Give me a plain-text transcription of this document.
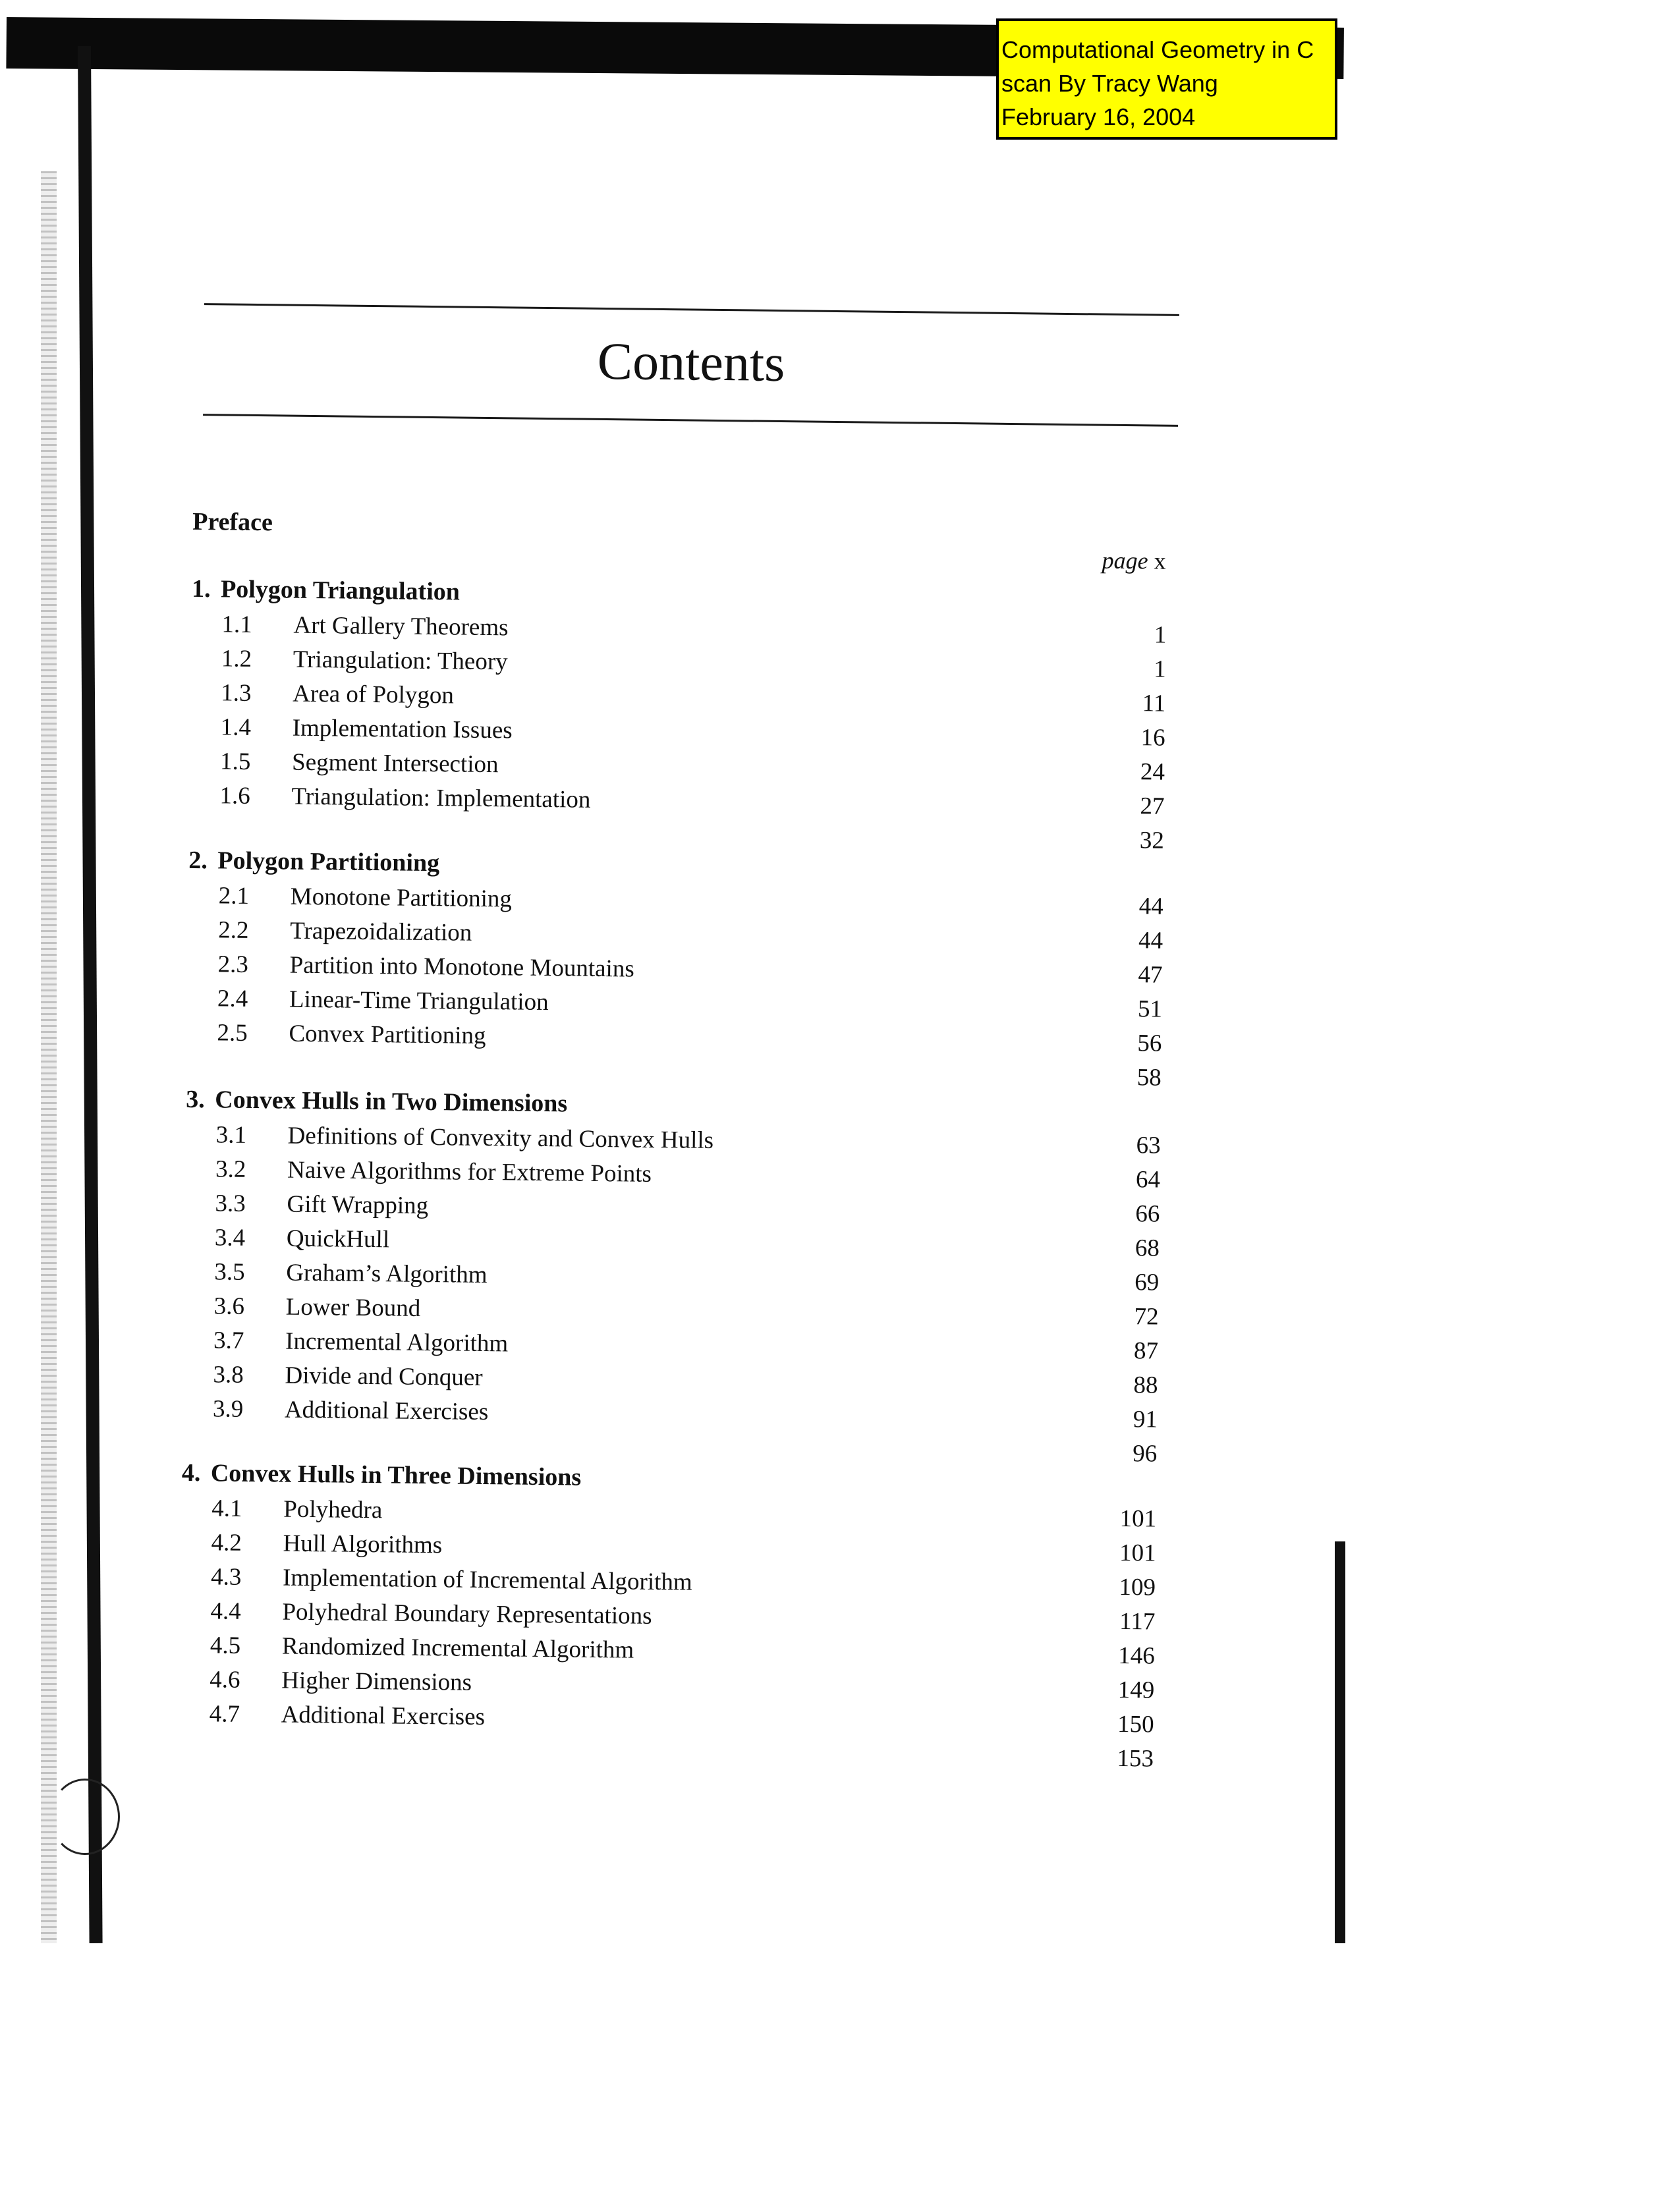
Computational Geometry in C
scan By Tracy Wang
February 16, 2004
Contents
Preface
page x
1. Polygon Triangulation
1
1.1 Art Gallery Theorems
1
1.2 Triangulation: Theory
11
1.3 Area of Polygon
16
1.4 Implementation Issues
24
1.5 Segment Intersection
27
1.6 Triangulation: Implementation
32
2. Polygon Partitioning
44
2.1 Monotone Partitioning
44
2.2 Trapezoidalization
47
2.3 Partition into Monotone Mountains
51
2.4 Linear-Time Triangulation
56
2.5 Convex Partitioning
58
3. Convex Hulls in Two Dimensions
63
3.1 Definitions of Convexity and Convex Hulls
64
3.2 Naive Algorithms for Extreme Points
66
3.3 Gift Wrapping
68
3.4 QuickHull
69
3.5 Graham’s Algorithm
72
3.6 Lower Bound
87
3.7 Incremental Algorithm
88
3.8 Divide and Conquer
91
3.9 Additional Exercises
96
4. Convex Hulls in Three Dimensions
101
4.1 Polyhedra
101
4.2 Hull Algorithms
109
4.3 Implementation of Incremental Algorithm
117
4.4 Polyhedral Boundary Representations
146
4.5 Randomized Incremental Algorithm
149
4.6 Higher Dimensions
150
4.7 Additional Exercises
153
